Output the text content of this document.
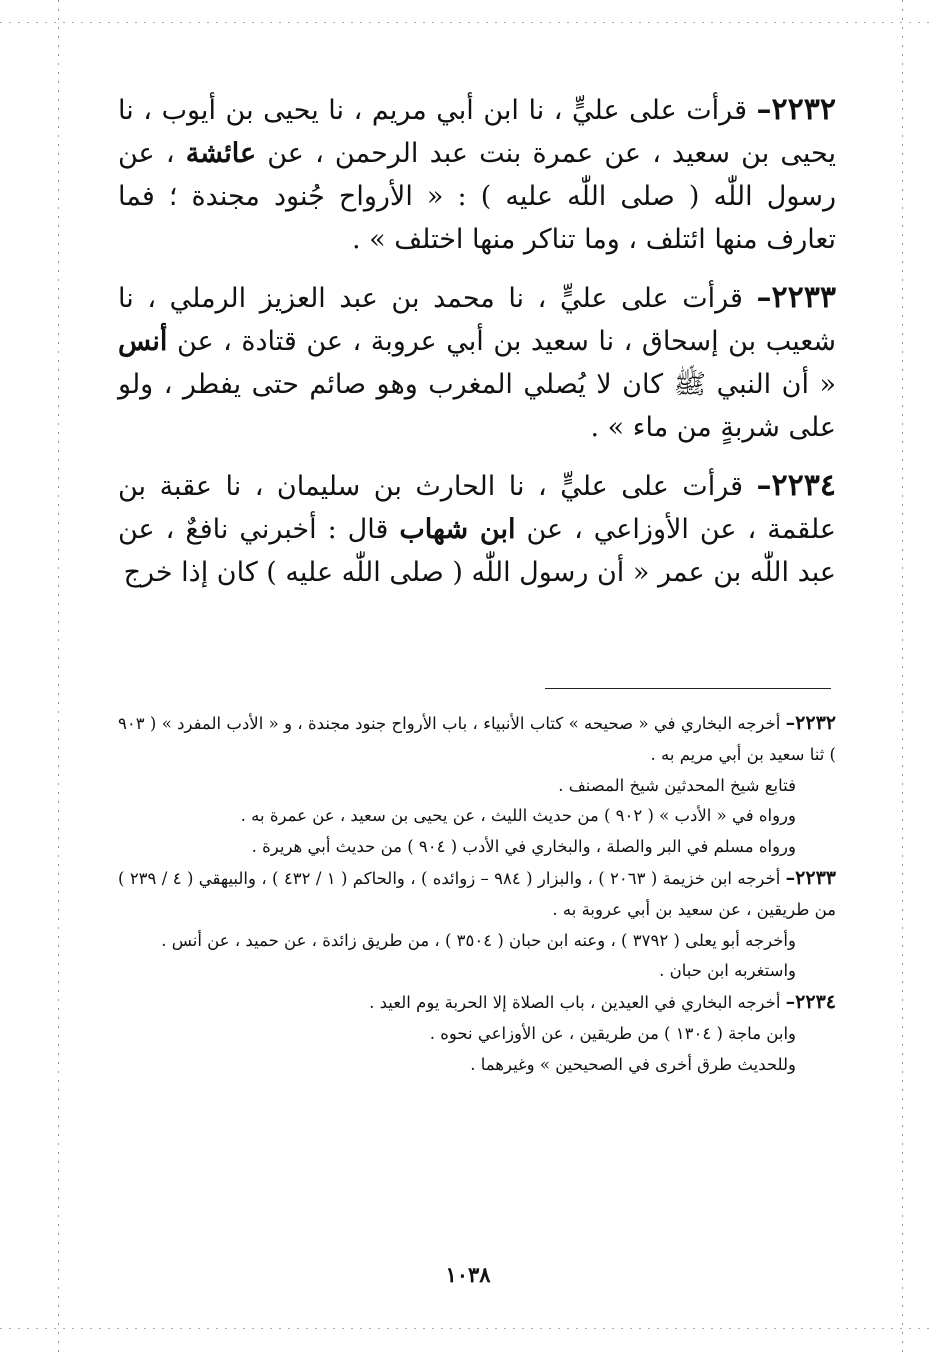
٢٢٣٢– قرأت على عليٍّ ، نا ابن أبي مريم ، نا يحيى بن أيوب ، نا يحيى بن سعيد ، عن عمرة بنت عبد الرحمن ، عن عائشة ، عن رسول اللّٰه ( صلى اللّٰه عليه ) : « الأرواح جُنود مجندة ؛ فما تعارف منها ائتلف ، وما تناكر منها اختلف » .

٢٢٣٣– قرأت على عليٍّ ، نا محمد بن عبد العزيز الرملي ، نا شعيب بن إسحاق ، نا سعيد بن أبي عروبة ، عن قتادة ، عن أنس « أن النبي ﷺ كان لا يُصلي المغرب وهو صائم حتى يفطر ، ولو على شربةٍ من ماء » .

٢٢٣٤– قرأت على عليٍّ ، نا الحارث بن سليمان ، نا عقبة بن علقمة ، عن الأوزاعي ، عن ابن شهاب قال : أخبرني نافعٌ ، عن عبد اللّٰه بن عمر « أن رسول اللّٰه ( صلى اللّٰه عليه ) كان إذا خرج

٢٢٣٢– أخرجه البخاري في « صحيحه » كتاب الأنبياء ، باب الأرواح جنود مجندة ، و « الأدب المفرد » ( ٩٠٣ ) ثنا سعيد بن أبي مريم به .

فتابع شيخ المحدثين شيخ المصنف .

ورواه في « الأدب » ( ٩٠٢ ) من حديث الليث ، عن يحيى بن سعيد ، عن عمرة به .

ورواه مسلم في البر والصلة ، والبخاري في الأدب ( ٩٠٤ ) من حديث أبي هريرة .

٢٢٣٣– أخرجه ابن خزيمة ( ٢٠٦٣ ) ، والبزار ( ٩٨٤ – زوائده ) ، والحاكم ( ١ / ٤٣٢ ) ، والبيهقي ( ٤ / ٢٣٩ ) من طريقين ، عن سعيد بن أبي عروبة به .

وأخرجه أبو يعلى ( ٣٧٩٢ ) ، وعنه ابن حبان ( ٣٥٠٤ ) ، من طريق زائدة ، عن حميد ، عن أنس .

واستغربه ابن حبان .

٢٢٣٤– أخرجه البخاري في العيدين ، باب الصلاة إلا الحربة يوم العيد .

وابن ماجة ( ١٣٠٤ ) من طريقين ، عن الأوزاعي نحوه .

وللحديث طرق أخرى في الصحيحين » وغيرهما .

١٠٣٨
